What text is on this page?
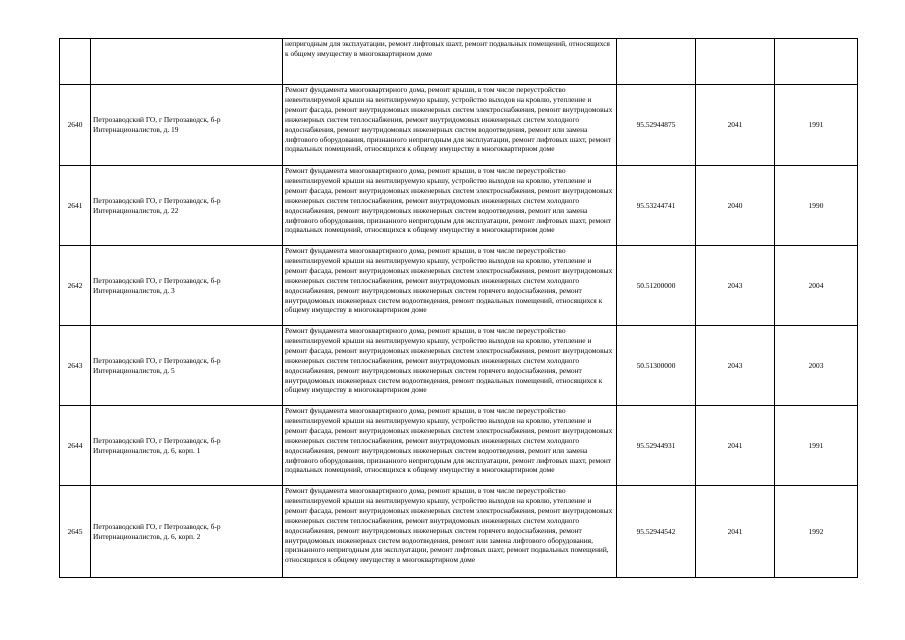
		непригодным для эксплуатации, ремонт лифтовых шахт, ремонт подвальных помещений, относящихся к общему имуществу в многоквартирном доме			
2640	Петрозаводский ГО, г Петрозаводск, б-р Интернационалистов, д. 19	Ремонт фундамента многоквартирного дома, ремонт крыши, в том числе переустройство невентилируемой крыши на вентилируемую крышу, устройство выходов на кровлю, утепление и ремонт фасада, ремонт внутридомовых инженерных систем электроснабжения, ремонт внутридомовых инженерных систем теплоснабжения, ремонт внутридомовых инженерных систем холодного водоснабжения, ремонт внутридомовых инженерных систем водоотведения, ремонт или замена лифтового оборудования, признанного непригодным для эксплуатации, ремонт лифтовых шахт, ремонт подвальных помещений, относящихся к общему имуществу в многоквартирном доме	95.52944875	2041	1991
2641	Петрозаводский ГО, г Петрозаводск, б-р Интернационалистов, д. 22	Ремонт фундамента многоквартирного дома, ремонт крыши, в том числе переустройство невентилируемой крыши на вентилируемую крышу, устройство выходов на кровлю, утепление и ремонт фасада, ремонт внутридомовых инженерных систем электроснабжения, ремонт внутридомовых инженерных систем теплоснабжения, ремонт внутридомовых инженерных систем холодного водоснабжения, ремонт внутридомовых инженерных систем водоотведения, ремонт или замена лифтового оборудования, признанного непригодным для эксплуатации, ремонт лифтовых шахт, ремонт подвальных помещений, относящихся к общему имуществу в многоквартирном доме	95.53244741	2040	1990
2642	Петрозаводский ГО, г Петрозаводск, б-р Интернационалистов, д. 3	Ремонт фундамента многоквартирного дома, ремонт крыши, в том числе переустройство невентилируемой крыши на вентилируемую крышу, устройство выходов на кровлю, утепление и ремонт фасада, ремонт внутридомовых инженерных систем электроснабжения, ремонт внутридомовых инженерных систем теплоснабжения, ремонт внутридомовых инженерных систем холодного водоснабжения, ремонт внутридомовых инженерных систем горячего водоснабжения, ремонт внутридомовых инженерных систем водоотведения, ремонт подвальных помещений, относящихся к общему имуществу в многоквартирном доме	50.51200000	2043	2004
2643	Петрозаводский ГО, г Петрозаводск, б-р Интернационалистов, д. 5	Ремонт фундамента многоквартирного дома, ремонт крыши, в том числе переустройство невентилируемой крыши на вентилируемую крышу, устройство выходов на кровлю, утепление и ремонт фасада, ремонт внутридомовых инженерных систем электроснабжения, ремонт внутридомовых инженерных систем теплоснабжения, ремонт внутридомовых инженерных систем холодного водоснабжения, ремонт внутридомовых инженерных систем горячего водоснабжения, ремонт внутридомовых инженерных систем водоотведения, ремонт подвальных помещений, относящихся к общему имуществу в многоквартирном доме	50.51300000	2043	2003
2644	Петрозаводский ГО, г Петрозаводск, б-р Интернационалистов, д. 6, корп. 1	Ремонт фундамента многоквартирного дома, ремонт крыши, в том числе переустройство невентилируемой крыши на вентилируемую крышу, устройство выходов на кровлю, утепление и ремонт фасада, ремонт внутридомовых инженерных систем электроснабжения, ремонт внутридомовых инженерных систем теплоснабжения, ремонт внутридомовых инженерных систем холодного водоснабжения, ремонт внутридомовых инженерных систем водоотведения, ремонт или замена лифтового оборудования, признанного непригодным для эксплуатации, ремонт лифтовых шахт, ремонт подвальных помещений, относящихся к общему имуществу в многоквартирном доме	95.52944931	2041	1991
2645	Петрозаводский ГО, г Петрозаводск, б-р Интернационалистов, д. 6, корп. 2	Ремонт фундамента многоквартирного дома, ремонт крыши, в том числе переустройство невентилируемой крыши на вентилируемую крышу, устройство выходов на кровлю, утепление и ремонт фасада, ремонт внутридомовых инженерных систем электроснабжения, ремонт внутридомовых инженерных систем теплоснабжения, ремонт внутридомовых инженерных систем холодного водоснабжения, ремонт внутридомовых инженерных систем горячего водоснабжения, ремонт внутридомовых инженерных систем водоотведения, ремонт или замена лифтового оборудования, признанного непригодным для эксплуатации, ремонт лифтовых шахт, ремонт подвальных помещений, относящихся к общему имуществу в многоквартирном доме	95.52944542	2041	1992
